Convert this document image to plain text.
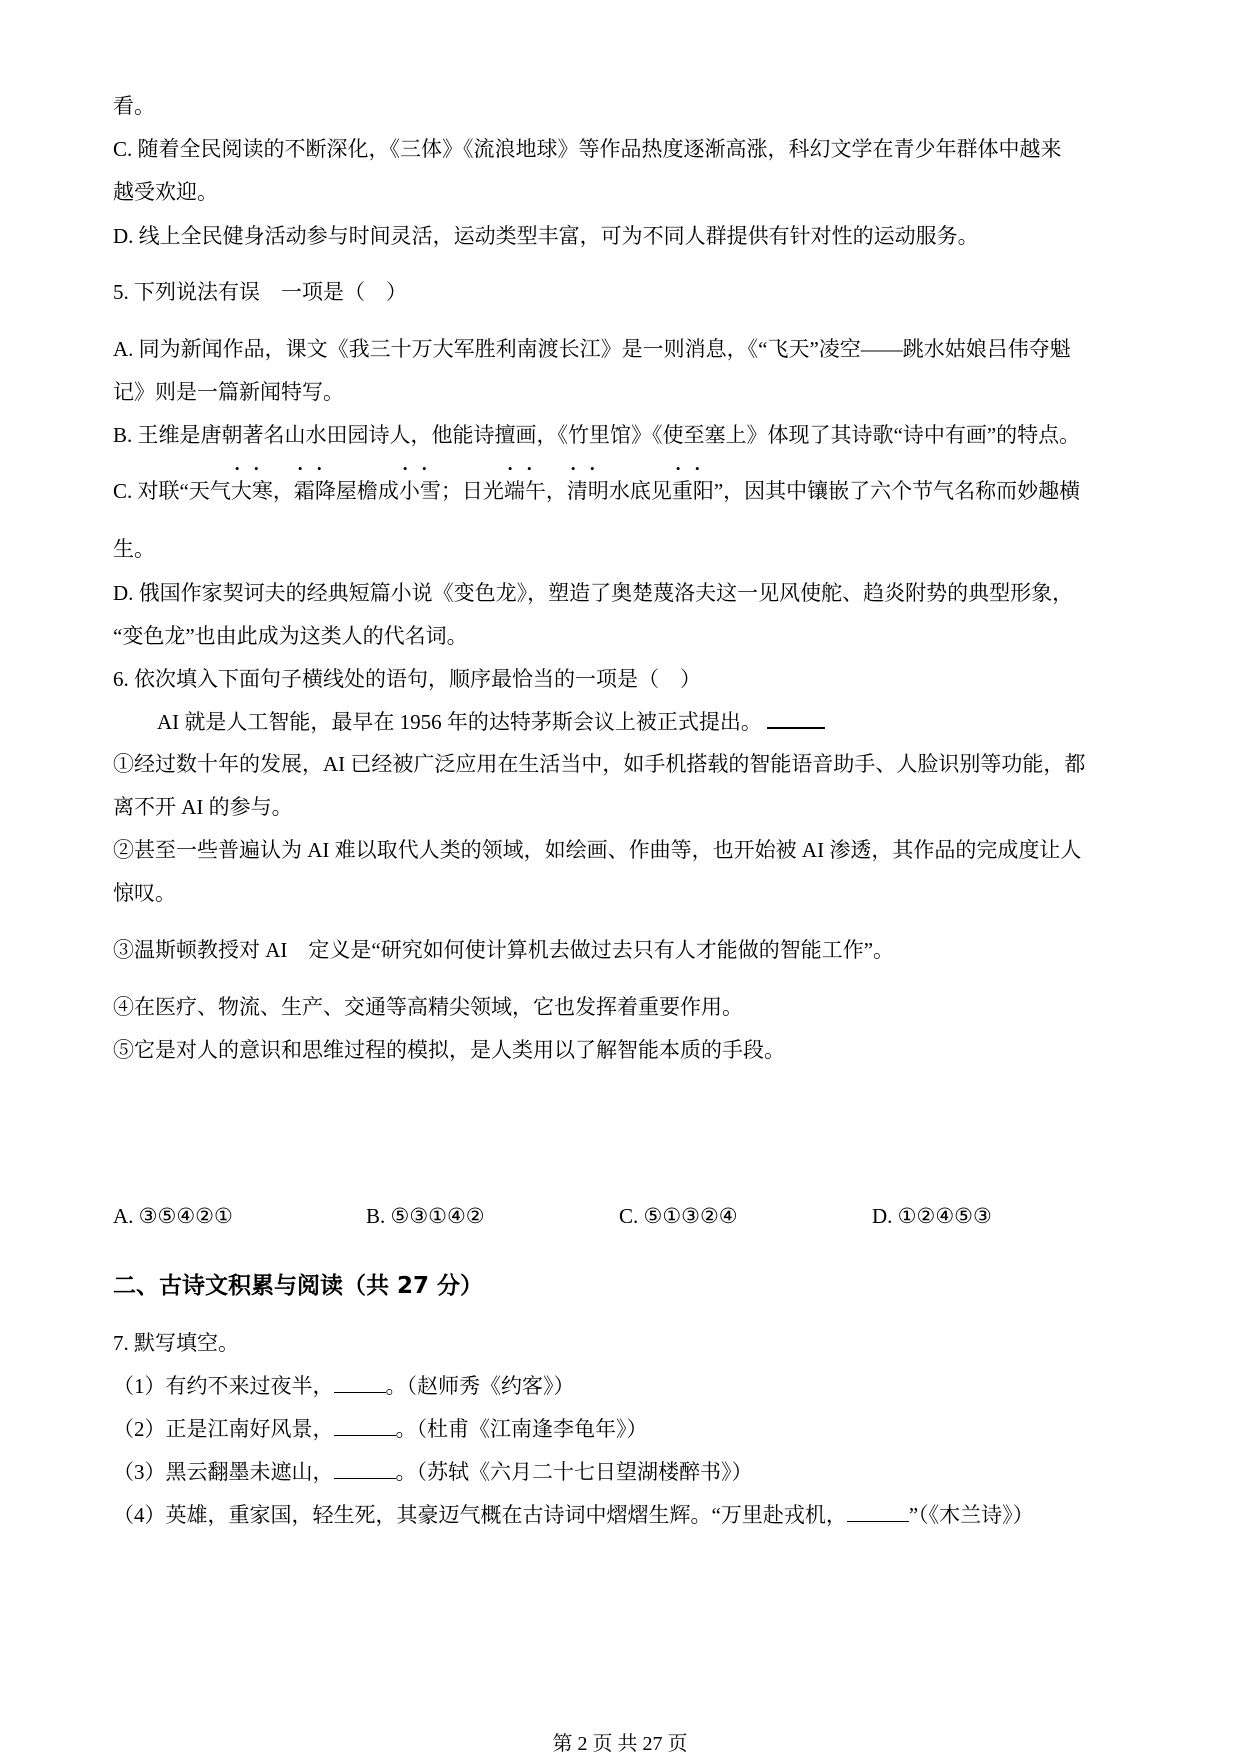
看。
C. 随着全民阅读的不断深化，《三体》《流浪地球》等作品热度逐渐高涨，科幻文学在青少年群体中越来
越受欢迎。
D. 线上全民健身活动参与时间灵活，运动类型丰富，可为不同人群提供有针对性的运动服务。
5. 下列说法有误　一项是（　）
A. 同为新闻作品，课文《我三十万大军胜利南渡长江》是一则消息，《“飞天”凌空——跳水姑娘吕伟夺魁
记》则是一篇新闻特写。
B. 王维是唐朝著名山水田园诗人，他能诗擅画，《竹里馆》《使至塞上》体现了其诗歌“诗中有画”的特点。
C. 对联“天气• • 大寒，• • 霜降屋檐成• • 小雪；日光• • 端午，• • 清明水底见• • 重阳”，因其中镶嵌了六个节气名称而妙趣横
生。
D. 俄国作家契诃夫的经典短篇小说《变色龙》，塑造了奥楚蔑洛夫这一见风使舵、趋炎附势的典型形象，
“变色龙”也由此成为这类人的代名词。
6. 依次填入下面句子横线处的语句，顺序最恰当的一项是（　）
AI 就是人工智能，最早在 1956 年的达特茅斯会议上被正式提出。
①经过数十年的发展，AI 已经被广泛应用在生活当中，如手机搭载的智能语音助手、人脸识别等功能，都
离不开 AI 的参与。
②甚至一些普遍认为 AI 难以取代人类的领域，如绘画、作曲等，也开始被 AI 渗透，其作品的完成度让人
惊叹。
③温斯顿教授对 AI　定义是“研究如何使计算机去做过去只有人才能做的智能工作”。
④在医疗、物流、生产、交通等高精尖领域，它也发挥着重要作用。
⑤它是对人的意识和思维过程的模拟，是人类用以了解智能本质的手段。
A. ③⑤④②①	B. ⑤③①④②	C. ⑤①③②④	D. ①②④⑤③
二、古诗文积累与阅读（共 27 分）
7. 默写填空。
（1）有约不来过夜半， 。（赵师秀《约客》）
（2）正是江南好风景，	。（杜甫《江南逢李龟年》）
（3）黑云翻墨未遮山，	。（苏轼《六月二十七日望湖楼醉书》）
（4）英雄，重家国，轻生死，其豪迈气概在古诗词中熠熠生辉。“万里赴戎机，	”（《木兰诗》）
第 2 页 共 27 页
